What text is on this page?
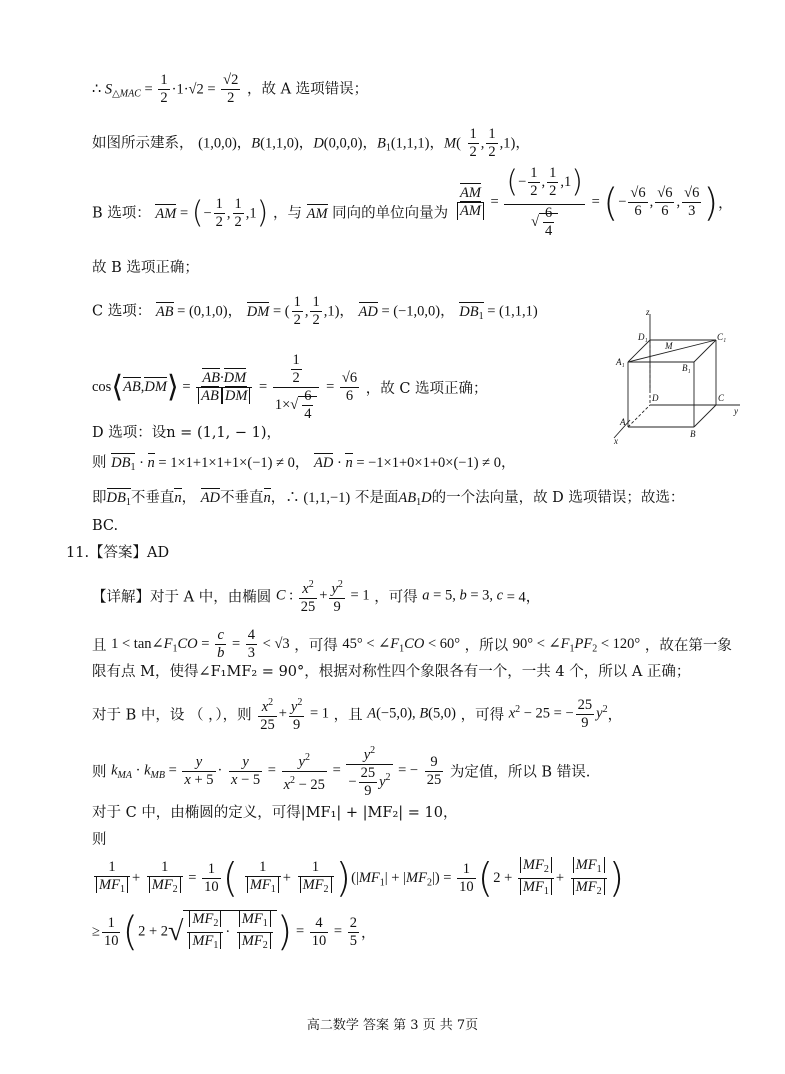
∴ $S_{\triangle MAC} = \frac{1}{2} \cdot 1\cdot√2 = \frac{√2}{2}$ ，故 A 选项错误；
如图所示建系， (1,0,0)，B(1,1,0)，D(0,0,0)，$B_1(1,1,1)$，$M( \frac{1}{2}$ , $\frac{1}{2} ,1$)，
B 选项： AM = (− $\frac{1}{2}$ , $\frac{1}{2} ,1$) ，与 AM 同向的单位向量为 $\frac{AM}{AM} = \frac{(- \frac{1}{2} , \frac{1}{2} ,1)}{√ \frac{6}{4}}$ = (− $\frac{√6}{6}$ , $\frac{√6}{6}$ , $\frac{√6}{3}$ )，
故 B 选项正确；
C 选项： AB = (0,1,0)， DM = ( $\frac{1}{2}$ , $\frac{1}{2} ,1$)， AD = (−1,0,0)， $DB_1 = (1,1,1)$
cos⟨AB,DM⟩ = $\frac{AB\cdot DM}{\text{AB DM}} = \frac{\frac{1}{2}}{1\times√ \frac{6}{4}} = \frac{√6}{6}$ ，故 C 选项正确；
D 选项：设n = (1,1, − 1)，
则 $DB_1 \cdot n = 1\times 1+1\times 1+1\times(-1) \ne 0$， AD · n = −1×1+0×1+0×(−1) ≠ 0，
即$DB_1$不垂直n， AD不垂直n，∴ (1,1,−1) 不是面$AB_1D$的一个法向量，故 D 选项错误；故选：
BC.
11.【答案】AD
【详解】对于 A 中，由椭圆 C : $\frac{x^2}{25} + \frac{y^2}{9} = 1$ ，可得 a = 5, b = 3, c = 4，
且 $1 < \tan\angle F_1CO = \frac{c}{b} = \frac{4}{3} < √3$ ，可得 $45^\circ < \angle F_1CO < 60^\circ$ ，所以 $90^\circ < \angle F_1PF_2 < 120^\circ$ ，故在第一象
限有点 M，使得∠F₁MF₂ = 90°，根据对称性四个象限各有一个，一共 4 个，所以 A 正确；
对于 B 中，设 （ ，），则 $\frac{x^2}{25} + \frac{y^2}{9} = 1$ ，且 A(−5,0), B(5,0) ，可得 $x^2 - 25$ = − $\frac{25}{9} y^2$，
则 $k_{MA} \cdot k_{MB} = \frac{y}{x + 5} \cdot \frac{y}{x - 5} = \frac{y^2}{x^2 - 25} = \frac{y^2}{- \frac{25}{9} y^2}$ = − $\frac{9}{25}$ 为定值，所以 B 错误.
对于 C 中，由椭圆的定义，可得|MF₁| + |MF₂| = 10，
则
$\frac{1}{MF_1} + \frac{1}{MF_2} = \frac{1}{10}$ ( $\frac{1}{MF_1} + \frac{1}{MF_2} )(|MF_1| + |MF_2|) = \frac{1}{10} (2 + \frac{MF_2}{MF_1} + \frac{MF_1}{MF_2}$ )
≥ $\frac{1}{10} (2 + 2√ \frac{MF_2}{MF_1} \cdot \frac{MF_1}{MF_2}$ ) = $\frac{4}{10} = \frac{2}{5}$ ，
z
y
x
D₁	C₁
A₁
B₁
M
D	C
A
B
高二数学 答案 第 3 页 共 7页
